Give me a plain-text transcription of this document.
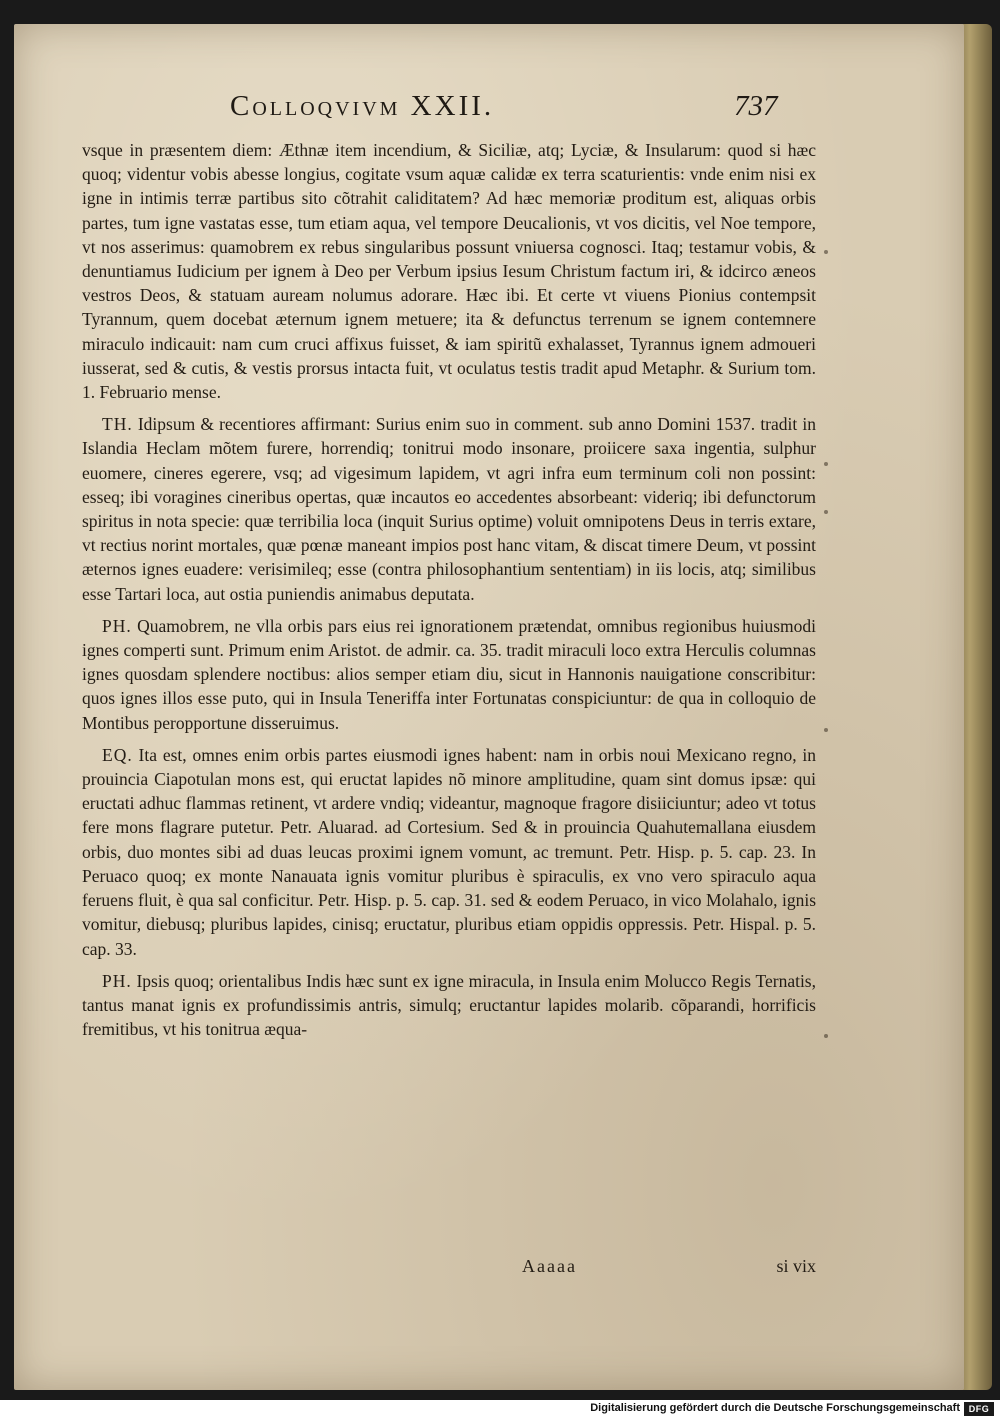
Colloqvivm XXII.	737

vsque in præsentem diem: Æthnæ item incendium, & Siciliæ, atq; Lyciæ, & Insularum: quod si hæc quoq; videntur vobis abesse longius, cogitate vsum aquæ calidæ ex terra scaturientis: vnde enim nisi ex igne in intimis terræ partibus sito cõtrahit caliditatem? Ad hæc memoriæ proditum est, aliquas orbis partes, tum igne vastatas esse, tum etiam aqua, vel tempore Deucalionis, vt vos dicitis, vel Noe tempore, vt nos asserimus: quamobrem ex rebus singularibus possunt vniuersa cognosci. Itaq; testamur vobis, & denuntiamus Iudicium per ignem à Deo per Verbum ipsius Iesum Christum factum iri, & idcirco æneos vestros Deos, & statuam auream nolumus adorare. Hæc ibi. Et certe vt viuens Pionius contempsit Tyrannum, quem docebat æternum ignem metuere; ita & defunctus terrenum se ignem contemnere miraculo indicauit: nam cum cruci affixus fuisset, & iam spiritũ exhalasset, Tyrannus ignem admoueri iusserat, sed & cutis, & vestis prorsus intacta fuit, vt oculatus testis tradit apud Metaphr. & Surium tom. 1. Februario mense.

TH. Idipsum & recentiores affirmant: Surius enim suo in comment. sub anno Domini 1537. tradit in Islandia Heclam mõtem furere, horrendiq; tonitrui modo insonare, proiicere saxa ingentia, sulphur euomere, cineres egerere, vsq; ad vigesimum lapidem, vt agri infra eum terminum coli non possint: esseq; ibi voragines cineribus opertas, quæ incautos eo accedentes absorbeant: videriq; ibi defunctorum spiritus in nota specie: quæ terribilia loca (inquit Surius optime) voluit omnipotens Deus in terris extare, vt rectius norint mortales, quæ pœnæ maneant impios post hanc vitam, & discat timere Deum, vt possint æternos ignes euadere: verisimileq; esse (contra philosophantium sententiam) in iis locis, atq; similibus esse Tartari loca, aut ostia puniendis animabus deputata.

PH. Quamobrem, ne vlla orbis pars eius rei ignorationem prætendat, omnibus regionibus huiusmodi ignes comperti sunt. Primum enim Aristot. de admir. ca. 35. tradit miraculi loco extra Herculis columnas ignes quosdam splendere noctibus: alios semper etiam diu, sicut in Hannonis nauigatione conscribitur: quos ignes illos esse puto, qui in Insula Teneriffa inter Fortunatas conspiciuntur: de qua in colloquio de Montibus peropportune disseruimus.

EQ. Ita est, omnes enim orbis partes eiusmodi ignes habent: nam in orbis noui Mexicano regno, in prouincia Ciapotulan mons est, qui eructat lapides nõ minore amplitudine, quam sint domus ipsæ: qui eructati adhuc flammas retinent, vt ardere vndiq; videantur, magnoque fragore disiiciuntur; adeo vt totus fere mons flagrare putetur. Petr. Aluarad. ad Cortesium. Sed & in prouincia Quahutemallana eiusdem orbis, duo montes sibi ad duas leucas proximi ignem vomunt, ac tremunt. Petr. Hisp. p. 5. cap. 23. In Peruaco quoq; ex monte Nanauata ignis vomitur pluribus è spiraculis, ex vno vero spiraculo aqua feruens fluit, è qua sal conficitur. Petr. Hisp. p. 5. cap. 31. sed & eodem Peruaco, in vico Molahalo, ignis vomitur, diebusq; pluribus lapides, cinisq; eructatur, pluribus etiam oppidis oppressis. Petr. Hispal. p. 5. cap. 33.

PH. Ipsis quoq; orientalibus Indis hæc sunt ex igne miracula, in Insula enim Molucco Regis Ternatis, tantus manat ignis ex profundissimis antris, simulq; eructantur lapides molarib. cõparandi, horrificis fremitibus, vt his tonitrua æqua-

Aaaaa	si vix
Digitalisierung gefördert durch die Deutsche Forschungsgemeinschaft DFG
